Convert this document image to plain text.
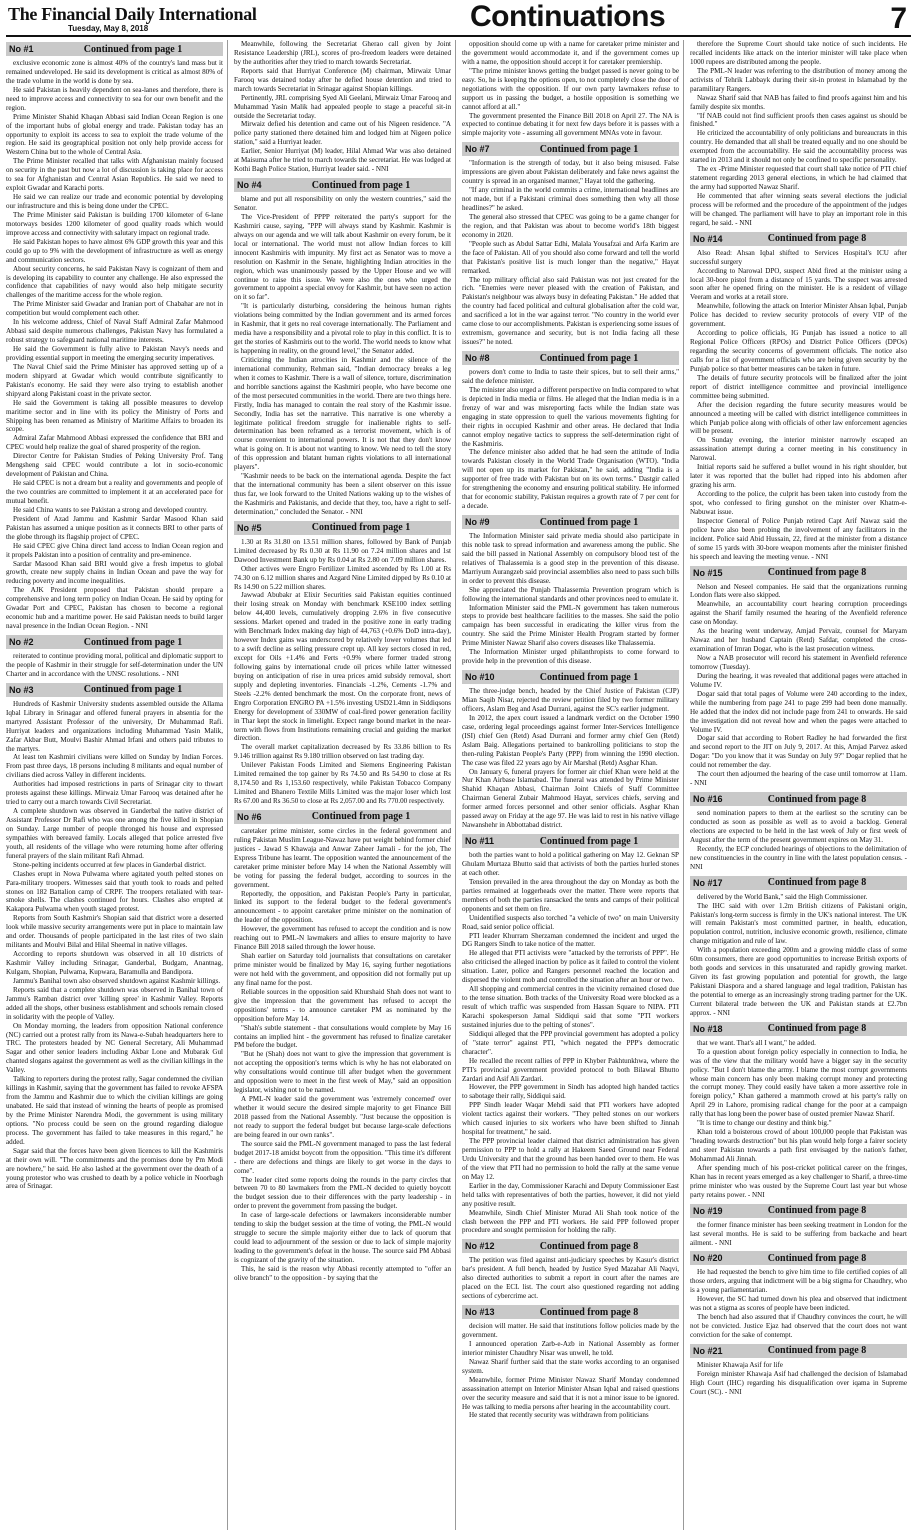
The Financial Daily International
Tuesday, May 8, 2018	Continuations	7
No #1	Continued from page 1

exclusive economic zone is almost 40% of the country's land mass but it remained undeveloped. He said its development is critical as almost 80% of the trade volume in the world is done by sea.

He said Pakistan is heavily dependent on sea-lanes and therefore, there is need to improve access and connectivity to sea for our own benefit and the region.

Prime Minister Shahid Khaqan Abbasi said Indian Ocean Region is one of the important hubs of global energy and trade. Pakistan today has an opportunity to exploit its access to sea to exploit the trade volume of the region. He said its geographical position not only help provide access for Western China but to the whole of Central Asia.

The Prime Minister recalled that talks with Afghanistan mainly focused on security in the past but now a lot of discussion is taking place for access to sea for Afghanistan and Central Asian Republics. He said we need to exploit Gwadar and Karachi ports.

He said we can realize our trade and economic potential by developing our infrastructure and this is being done under the CPEC.

The Prime Minister said Pakistan is building 1700 kilometer of 6-lane motorways besides 1200 kilometer of good quality roads which would improve access and connectivity with salutary impact on regional trade.

He said Pakistan hopes to have almost 6% GDP growth this year and this could go up to 9% with the development of infrastructure as well as energy and communication sectors.

About security concerns, he said Pakistan Navy is cognizant of them and is developing its capability to counter any challenge. He also expressed the confidence that capabilities of navy would also help mitigate security challenges of the maritime access for the whole region.

The Prime Minister said Gwadar and Iranian port of Chabahar are not in competition but would complement each other.

In his welcome address, Chief of Naval Staff Admiral Zafar Mahmood Abbasi said despite numerous challenges, Pakistan Navy has formulated a robust strategy to safeguard national maritime interests.

He said the Government is fully alive to Pakistan Navy's needs and providing essential support in meeting the emerging security imperatives.

The Naval Chief said the Prime Minister has approved setting up of a modern shipyard at Gwadar which would contribute significantly to Pakistan's economy. He said they were also trying to establish another shipyard along Pakistani coast in the private sector.

He said the Government is taking all possible measures to develop maritime sector and in line with its policy the Ministry of Ports and Shipping has been renamed as Ministry of Maritime Affairs to broaden its scope.

Admiral Zafar Mahmood Abbasi expressed the confidence that BRI and CPEC would help realize the goal of shared prosperity of the region.

Director Centre for Pakistan Studies of Peking University Prof. Tang Mengsheng said CPEC would contribute a lot in socio-economic development of Pakistan and China.

He said CPEC is not a dream but a reality and governments and people of the two countries are committed to implement it at an accelerated pace for mutual benefit.

He said China wants to see Pakistan a strong and developed country.

President of Azad Jammu and Kashmir Sardar Masood Khan said Pakistan has assumed a unique position as it connects BRI to other parts of the globe through its flagship project of CPEC.

He said CPEC give China direct land access to Indian Ocean region and it propels Pakistan into a position of centrality and pre-eminence.

Sardar Masood Khan said BRI would give a fresh impetus to global growth, create new supply chains in Indian Ocean and pave the way for reducing poverty and income inequalities.

The AJK President proposed that Pakistan should prepare a comprehensive and long term policy on Indian Ocean. He said by opting for Gwadar Port and CPEC, Pakistan has chosen to become a regional economic hub and a maritime power. He said Pakistan needs to build larger naval presence in the Indian Ocean Region. - NNI

No #2	Continued from page 1

reiterated to continue providing moral, political and diplomatic support to the people of Kashmir in their struggle for self-determination under the UN Charter and in accordance with the UNSC resolutions. - NNI

No #3	Continued from page 1

Hundreds of Kashmir University students assembled outside the Allama Iqbal Library in Srinagar and offered funeral prayers in absentia for the martyred Assistant Professor of the university, Dr Muhammad Rafi. Hurriyat leaders and organizations including Muhammad Yasin Malik, Zafar Akbar Butt, Moulvi Bashir Ahmad Irfani and others paid tributes to the martyrs.

At least ten Kashmiri civilians were killed on Sunday by Indian Forces. From past three days, 18 persons including 8 militants and equal number of civilians died across Valley in different incidents.

Authorities had imposed restrictions in parts of Srinagar city to thwart protests against these killings. Mirwaiz Umar Farooq was detained after he tried to carry out a march towards Civil Secretariat.

A complete shutdown was observed in Ganderbal the native district of Assistant Professor Dr Rafi who was one among the five killed in Shopian on Sunday. Large number of people thronged his house and expressed sympathies with bereaved family. Locals alleged that police arrested five youth, all residents of the village who were returning home after offering funeral prayers of the slain militant Rafi Ahmad.

Stone-pelting incidents occurred at few places in Ganderbal district.

Clashes erupt in Nowa Pulwama where agitated youth pelted stones on Para-military troopers. Witnesses said that youth took to roads and pelted stones on 182 Battalion camp of CRPF. The troopers retaliated with tear-smoke shells. The clashes continued for hours. Clashes also erupted at Kakapora Pulwama when youth staged protest.

Reports from South Kashmir's Shopian said that district wore a deserted look while massive security arrangements were put in place to maintain law and order. Thousands of people participated in the last rites of two slain militants and Moulvi Bilal and Hilal Sheemal in native villages.

According to reports shutdown was observed in all 10 districts of Kashmir Valley including Srinagar, Ganderbal, Budgam, Anantnag, Kulgam, Shopian, Pulwama, Kupwara, Baramulla and Bandipora.

Jammu's Banihal town also observed shutdown against Kashmir killings.

Reports said that a complete shutdown was observed in Banihal town of Jammu's Ramban district over 'killing spree' in Kashmir Valley. Reports added all the shops, other business establishment and schools remain closed in solidarity with the people of Valley.

On Monday morning, the leaders from opposition National conference (NC) carried out a protest rally from its Nawa-e-Subah headquarters here to TRC. The protesters headed by NC General Secretary, Ali Muhammad Sagar and other senior leaders including Akbar Lone and Mubarak Gul chanted slogans against the government as well as the civilian killings in the Valley.

Talking to reporters during the protest rally, Sagar condemned the civilian killings in Kashmir, saying that the government has failed to revoke AFSPA from the Jammu and Kashmir due to which the civilian killings are going unabated. He said that instead of winning the hearts of people as promised by the Prime Minister Narendra Modi, the government is using military options. "No process could be seen on the ground regarding dialogue process. The government has failed to take measures in this regard," he added.

Sagar said that the forces have been given licences to kill the Kashmiris at their own will. "The commitments and the promises done by Pm Modi are nowhere," he said. He also lashed at the government over the death of a young protestor who was crushed to death by a police vehicle in Noorbagh area of Srinagar.

Meanwhile, following the Secretariat Gherao call given by Joint Resistance Leadership (JRL), scores of pro-freedom leaders were detained by the authorities after they tried to march towards Secretariat.

Reports said that Hurriyat Conference (M) chairman, Mirwaiz Umar Farooq was detained today after he defied house detention and tried to march towards Secretariat in Srinagar against Shopian killings.

Pertinently, JRL comprising Syed Ali Geelani, Mirwaiz Umar Farooq and Muhammad Yasin Malik had appealed people to stage a peaceful sit-in outside the Secretariat today.

Mirwaiz defied his detention and came out of his Nigeen residence. "A police party stationed there detained him and lodged him at Nigeen police station," said a Hurriyat leader.

Earlier, Senior Hurriyat (M) leader, Hilal Ahmad War was also detained at Maisuma after he tried to march towards the secretariat. He was lodged at Kothi Bagh Police Station, Hurriyat leader said. - NNI

No #4	Continued from page 1

blame and put all responsibility on only the western countries," said the Senator.

The Vice-President of PPPP reiterated the party's support for the Kashmiri cause, saying, "PPP will always stand by Kashmir. Kashmir is always on our agenda and we will talk about Kashmir on every forum, be it local or international. The world must not allow Indian forces to kill innocent Kashmiris with impunity. My first act as Senator was to move a resolution on Kashmir in the Senate, highlighting Indian atrocities in the region, which was unanimously passed by the Upper House and we will continue to raise this issue. We were also the ones who urged the government to appoint a special envoy for Kashmir, but have seen no action on it so far".

"It is particularly disturbing, considering the heinous human rights violations being committed by the Indian government and its armed forces in Kashmir, that it gets no real coverage internationally. The Parliament and media have a responsibility and a pivotal role to play in this conflict. It is to get the stories of Kashmiris out to the world. The world needs to know what is happening in reality, on the ground level," the Senator added.

Criticizing the Indian atrocities in Kashmir and the silence of the international community, Rehman said, "Indian democracy breaks a leg when it comes to Kashmir. There is a wall of silence, torture, discrimination and horrible sanctions against the Kashmiri people, who have become one of the most persecuted communities in the world. There are two things here. Firstly, India has managed to contain the real story of the Kashmir issue. Secondly, India has set the narrative. This narrative is one whereby a legitimate political freedom struggle for inalienable rights to self-determination has been reframed as a terrorist movement, which is of course convenient to international powers. It is not that they don't know what is going on. It is about not wanting to know. We need to tell the story of this oppression and blatant human rights violations to all international players".

"Kashmir needs to be back on the international agenda. Despite the fact that the international community has been a silent observer on this issue thus far, we look forward to the United Nations waking up to the wishes of the Kashmiris and Pakistanis, and decide that they, too, have a right to self-determination," concluded the Senator. - NNI

No #5	Continued from page 1

1.30 at Rs 31.80 on 13.51 million shares, followed by Bank of Punjab Limited decreased by Rs 0.30 at Rs 11.90 on 7.24 million shares and 1st Dawood Investment Bank up by Rs 0.04 at Rs 2.80 on 7.09 million shares.

Other actives were Engro Fertilizer Limited ascended by Rs 1.00 at Rs 74.30 on 6.12 million shares and Azgard Nine Limited dipped by Rs 0.10 at Rs 14.90 on 5.22 million shares.

Jawwad Abubakr at Elixir Securities said Pakistan equities continued their losing streak on Monday with benchmark KSE100 index settling below 44,400 levels, cumulatively dropping 2.6% in five consecutive sessions. Market opened and traded in the positive zone in early trading with Benchmark Index making day high of 44,763 (+0.6% DoD intra-day), however Index gains was underscored by relatively lower volumes that led to a swift decline as selling pressure crept up. All key sectors closed in red, except for Oils +1.4% and Ferts +0.9% where former traded strong following gains by international crude oil prices while latter witnessed buying on anticipation of rise in urea prices amid subsidy removal, short supply and depleting inventories. Financials -1.2%, Cements -1.7% and Steels -2.2% dented benchmark the most. On the corporate front, news of Engro Corporation ENGRO PA +1.5% investing USD21.4mn in Siddiqsons Energy for development of 330MW of coal-fired power generation facility in Thar kept the stock in limelight. Expect range bound market in the near-term with flows from Institutions remaining crucial and guiding the market direction.

The overall market capitalization decreased by Rs 33.86 billion to Rs 9.146 trillion against Rs 9.180 trillion observed on last trading day.

Unilever Pakistan Foods Limited and Siemens Engineering Pakistan Limited remained the top gainer by Rs 74.50 and Rs 54.90 to close at Rs 8,174.50 and Rs 1,153.60 respectively, while Pakistan Tobacco Company Limited and Bhanero Textile Mills Limited was the major loser which lost Rs 67.00 and Rs 36.50 to close at Rs 2,057.00 and Rs 770.00 respectively.

No #6	Continued from page 1

caretaker prime minister, some circles in the federal government and ruling Pakistan Muslim League-Nawaz have put weight behind former chief justices - Jawad S Khawaja and Anwar Zaheer Jamali - for the job, The Express Tribune has learnt. The opposition wanted the announcement of the caretaker prime minister before May 14 when the National Assembly will be voting for passing the federal budget, according to sources in the government.

Reportedly, the opposition, and Pakistan People's Party in particular, linked its support to the federal budget to the federal government's announcement - to appoint caretaker prime minister on the nomination of the leader of the opposition.

However, the government has refused to accept the condition and is now reaching out to PML-N lawmakers and allies to ensure majority to have Finance Bill 2018 sailed through the lower house.

Shah earlier on Saturday told journalists that consultations on caretaker prime minister would be finalized by May 16, saying further negotiations were not held with the government, and opposition did not formally put up any final name for the post.

Reliable sources in the opposition said Khurshaid Shah does not want to give the impression that the government has refused to accept the oppositions' terms - to announce caretaker PM as nominated by the opposition before May 14.

"Shah's subtle statement - that consultations would complete by May 16 contains an implied hint - the government has refused to finalize caretaker PM before the budget.

"But he (Shah) does not want to give the impression that government is not accepting the opposition's terms which is why he has not elaborated on why consultations would continue till after budget when the government and opposition were to meet in the first week of May," said an opposition legislator, wishing not to be named.

A PML-N leader said the government was 'extremely concerned' over whether it would secure the desired simple majority to get Finance Bill 2018 passed from the National Assembly. "Just because the opposition is not ready to support the federal budget but because large-scale defections are being feared in our own ranks".

The source said the PML-N government managed to pass the last federal budget 2017-18 amidst boycott from the opposition. "This time it's different - there are defections and things are likely to get worse in the days to come".

The leader cited some reports doing the rounds in the party circles that between 70 to 80 lawmakers from the PML-N decided to quietly boycott the budget session due to their differences with the party leadership - in order to prevent the government from passing the budget.

In case of large-scale defections or lawmakers inconsiderable number tending to skip the budget session at the time of voting, the PML-N would struggle to secure the simple majority either due to lack of quorum that could lead to adjournment of the session or due to lack of simple majority leading to the government's defeat in the house. The source said PM Abbasi is cognizant of the gravity of the situation.

This, he said is the reason why Abbasi recently attempted to "offer an olive branch" to the opposition - by saying that the

opposition should come up with a name for caretaker prime minister and the government would accommodate it, and if the government comes up with a name, the opposition should accept it for caretaker premiership.

"The prime minister knows getting the budget passed is never going to be easy. So, he is keeping the options open, to not completely close the door of negotiations with the opposition. If our own party lawmakers refuse to support us in passing the budget, a hostile opposition is something we cannot afford at all."

The government presented the Finance Bill 2018 on April 27. The NA is expected to continue debating it for next few days before it is passes with a simple majority vote - assuming all government MNAs vote in favour.

No #7	Continued from page 1

"Information is the strength of today, but it also being misused. False impressions are given about Pakistan deliberately and fake news against the country is spread in an organised manner," Hayat told the gathering.

"If any criminal in the world commits a crime, international headlines are not made, but if a Pakistani criminal does something then why all those headlines?" he asked.

The general also stressed that CPEC was going to be a game changer for the region, and that Pakistan was about to become world's 18th biggest economy in 2020.

"People such as Abdul Sattar Edhi, Malala Yousafzai and Arfa Karim are the face of Pakistan. All of you should also come forward and tell the world that Pakistan's positive list is much longer than the negative," Hayat remarked.

The top military official also said Pakistan was not just created for the rich. "Enemies were never pleased with the creation of Pakistan, and Pakistan's neighbour was always busy in defeating Pakistan." He added that the country had faced political and cultural globalisation after the cold war, and sacrificed a lot in the war against terror. "No country in the world ever came close to our accomplishments. Pakistan is experiencing some issues of extremism, governance and security, but is not India facing all these issues?" he noted.

No #8	Continued from page 1

powers don't come to India to taste their spices, but to sell their arms," said the defence minister.

The minister also urged a different perspective on India compared to what is depicted in India media or films. He alleged that the Indian media is in a frenzy of war and was misreporting facts while the Indian state was engaging in state oppression to quell the various movements fighting for their rights in occupied Kashmir and other areas. He declared that India cannot employ negative tactics to suppress the self-determination right of the Kashmiris.

The defence minister also added that he had seen the attitude of India towards Pakistan closely in the World Trade Organisation (WTO). "India will not open up its market for Pakistan," he said, adding "India is a supporter of free trade with Pakistan but on its own terms." Dastgir called for strengthening the economy and ensuring political stability. He informed that for economic stability, Pakistan requires a growth rate of 7 per cent for a decade.

No #9	Continued from page 1

The Information Minister said private media should also participate in this noble task to spread information and awareness among the public. She said the bill passed in National Assembly on compulsory blood test of the relatives of Thalassemia is a good step in the prevention of this disease. Marriyum Aurangzeb said provincial assemblies also need to pass such bills in order to prevent this disease.

She appreciated the Punjab Thalassemia Prevention program which is following the international standards and other provinces need to emulate it.

Information Minister said the PML-N government has taken numerous steps to provide best healthcare facilities to the masses. She said the polio campaign has been successful in eradicating the killer virus from the country. She said the Prime Minister Health Program started by former Prime Minister Nawaz Sharif also covers diseases like Thalassemia.

The Information Minister urged philanthropists to come forward to provide help in the prevention of this disease.

No #10	Continued from page 1

The three-judge bench, headed by the Chief Justice of Pakistan (CJP) Mian Saqib Nisar, rejected the review petition filed by two former military officers, Aslam Beg and Asad Durrani, against the SC's earlier judgment.

In 2012, the apex court issued a landmark verdict on the October 1990 case, ordering legal proceedings against former Inter-Services Intelligence (ISI) chief Gen (Retd) Asad Durrani and former army chief Gen (Retd) Aslam Baig. Allegations pertained to bankrolling politicians to stop the then-ruling Pakistan People's Party (PPP) from winning the 1990 election. The case was filed 22 years ago by Air Marshal (Retd) Asghar Khan.

On January 6, funeral prayers for former air chief Khan were held at the Nur Khan Airbase Islamabad. The funeral was attended by Prime Minister Shahid Khaqan Abbasi, Chairman Joint Chiefs of Staff Committee Chairman General Zubair Mahmood Hayat, services chiefs, serving and former armed forces personnel and other senior officials. Asghar Khan passed away on Friday at the age 97. He was laid to rest in his native village Nawanshehr in Abbottabad district.

No #11	Continued from page 1

both the parties want to hold a political gathering on May 12. Geknan SP Ghulam Murtaza Bhutto said that activists of both the parties hurled stones at each other.

Tension prevailed in the area throughout the day on Monday as both the parties remained at loggerheads over the matter. There were reports that members of both the parties ransacked the tents and camps of their political opponents and set them on fire.

Unidentified suspects also torched "a vehicle of two" on main University Road, said senior police official.

PTI leader Khurram Sherzaman condemned the incident and urged the DG Rangers Sindh to take notice of the matter.

He alleged that PTI activists were "attacked by the terrorists of PPP". He also criticised the alleged inaction by police as it failed to control the violent situation. Later, police and Rangers personnel reached the location and dispersed the violent mob and controlled the situation after an hour or two.

All shopping and commercial centres in the vicinity remained closed due to the tense situation. Both tracks of the University Road were blocked as a result of which traffic was suspended from Hassan Square to NIPA. PTI Karachi spokesperson Jamal Siddiqui said that some "PTI workers sustained injuries due to the pelting of stones".

Siddiqui alleged that the PPP provincial government has adopted a policy of "state terror" against PTI, "which negated the PPP's democratic character".

He recalled the recent rallies of PPP in Khyber Pakhtunkhwa, where the PTI's provincial government provided protocol to both Bilawal Bhutto Zardari and Asif Ali Zardari.

However, the PPP government in Sindh has adopted high handed tactics to sabotage their rally, Siddiqui said.

PPP Sindh leader Waqar Mehdi said that PTI workers have adopted violent tactics against their workers. "They pelted stones on our workers which caused injuries to six workers who have been shifted to Jinnah hospital for treatment," he said.

The PPP provincial leader claimed that district administration has given permission to PPP to hold a rally at Hakeem Saeed Ground near Federal Urdu University and that the ground has been handed over to them. He was of the view that PTI had no permission to hold the rally at the same venue on May 12.

Earlier in the day, Commissioner Karachi and Deputy Commissioner East held talks with representatives of both the parties, however, it did not yield any positive result.

Meanwhile, Sindh Chief Minister Murad Ali Shah took notice of the clash between the PPP and PTI workers. He said PPP followed proper procedure and sought permission for holding the rally.

No #12	Continued from page 8

The petition was filed against anti-judiciary speeches by Kasur's district bar's president. A full bench, headed by Justice Syed Mazahar Ali Naqvi, also directed authorities to submit a report in court after the names are placed on the ECL list. The court also questioned regarding not adding sections of cybercrime act.

No #13	Continued from page 8

decision will matter. He said that institutions follow policies made by the government.

I announced operation Zarb-e-Azb in National Assembly as former interior minister Chaudhry Nisar was unwell, he told.

Nawaz Sharif further said that the state works according to an organised system.

Meanwhile, former Prime Minister Nawaz Sharif Monday condemned assassination attempt on Interior Minister Ahsan Iqbal and raised questions over the security measure and said that it is not a minor issue to be ignored. He was talking to media persons after hearing in the accountability court.

He stated that recently security was withdrawn from politicians

therefore the Supreme Court should take notice of such incidents. He recalled incidents like attack on the interior minister will take place when 1000 rupees are distributed among the people.

The PML-N leader was referring to the distribution of money among the activists of Tehrik Labbayk during their sit-in protest in Islamabad by the paramilitary Rangers.

Nawaz Sharif said that NAB has failed to find proofs against him and his family despite six months.

"If NAB could not find sufficient proofs then cases against us should be finished."

He criticized the accountability of only politicians and bureaucrats in this country. He demanded that all shall be treated equally and no one should be exempted from the accountability. He said the accountability process was started in 2013 and it should not only be confined to specific personality.

The ex -Prime Minister requested that court shall take notice of PTI chief statement regarding 2013 general elections, in which he had claimed that the army had supported Nawaz Sharif.

He commented that after winning seats several elections the judicial process will be reformed and the procedure of the appointment of the judges will be changed. The parliament will have to play an important role in this regard, he said. - NNI

No #14	Continued from page 8

Also Read: Ahsan Iqbal shifted to Services Hospital's ICU after successful surgery

According to Narowal DPO, suspect Abid fired at the minister using a local 30-bore pistol from a distance of 15 yards. The suspect was arrested soon after he opened firing on the minister. He is a resident of village Veeram and works at a retail store.

Meanwhile, following the attack on Interior Minister Ahsan Iqbal, Punjab Police has decided to review security protocols of every VIP of the government.

According to police officials, IG Punjab has issued a notice to all Regional Police Officers (RPOs) and District Police Officers (DPOs) regarding the security concerns of government officials. The notice also calls for a list of government officials who are being given security by the Punjab police so that better measures can be taken in future.

The details of future security protocols will be finalized after the joint report of district intelligence committee and provincial intelligence committee being submitted.

After the decision regarding the future security measures would be announced a meeting will be called with district intelligence committees in which Punjab police along with officials of other law enforcement agencies will be present.

On Sunday evening, the interior minister narrowly escaped an assassination attempt during a corner meeting in his constituency in Narowal.

Initial reports said he suffered a bullet wound in his right shoulder, but later it was reported that the bullet had ripped into his abdomen after grazing his arm.

According to the police, the culprit has been taken into custody from the spot, who confessed to firing gunshot on the minister over Khatm-e-Nabuwat issue.

Inspector General of Police Punjab retired Capt Arif Nawaz said the police have also been probing the involvement of any facilitators in the incident. Police said Abid Hussain, 22, fired at the minister from a distance of some 15 yards with 30-bore weapon moments after the minister finished his speech and leaving the meeting venue. - NNI

No #15	Continued from page 8

Nelson and Neseel companies. He said that the organizations running London flats were also skipped.

Meanwhile, an accountability court hearing corruption proceedings against the Sharif family resumed the hearing of the Avenfield reference case on Monday.

As the hearing went underway, Amjad Pervaiz, counsel for Maryam Nawaz and her husband Captain (Retd) Safdar, completed the cross-examination of Imran Dogar, who is the last prosecution witness.

Now a NAB prosecutor will record his statement in Avenfield reference tomorrow (Tuesday).

During the hearing, it was revealed that additional pages were attached in Volume IV.

Dogar said that total pages of Volume were 240 according to the index, while the numbering from page 241 to page 299 had been done manually. He added that the index did not include page from 241 to onwards. He said the investigation did not reveal how and when the pages were attached to Volume IV.

Dogar said that according to Robert Radley he had forwarded the first and second report to the JIT on July 9, 2017. At this, Amjad Parvez asked Dogar: "Do you know that it was Sunday on July 9?" Dogar replied that he could not remember the day.

The court then adjourned the hearing of the case until tomorrow at 11am. - NNI

No #16	Continued from page 8

send nomination papers to them at the earliest so the scrutiny can be conducted as soon as possible as well as to avoid a backlog. General elections are expected to be held in the last week of July or first week of August after the term of the present government expires on May 31.

Recently, the ECP concluded hearings of objections to the delimitation of new constituencies in the country in line with the latest population census. - NNI

No #17	Continued from page 8

delivered by the World Bank," said the High Commissioner.

The IHC said with over 1.2m British citizens of Pakistani origin, Pakistan's long-term success is firmly in the UK's national interest. The UK will remain Pakistan's most committed partner, in health, education, population control, nutrition, inclusive economic growth, resilience, climate change mitigation and rule of law.

With a population exceeding 200m and a growing middle class of some 60m consumers, there are good opportunities to increase British exports of both goods and services in this unsaturated and rapidly growing market. Given its fast growing population and potential for growth, the large Pakistani Diaspora and a shared language and legal tradition, Pakistan has the potential to emerge as an increasingly strong trading partner for the UK. Current bilateral trade between the UK and Pakistan stands at £2.7bn approx. - NNI

No #18	Continued from page 8

that we want. That's all I want," he added.

To a question about foreign policy especially in connection to India, he was of the view that the military would have a bigger say in the security policy. "But I don't blame the army. I blame the most corrupt governments whose main concern has only been making corrupt money and protecting the corrupt money. They could easily have taken a more assertive role in foreign policy," Khan gathered a mammoth crowd at his party's rally on April 29 in Lahore, promising radical change for the poor at a campaign rally that has long been the power base of ousted premier Nawaz Sharif.

"It is time to change our destiny and think big."

Khan told a boisterous crowd of about 100,000 people that Pakistan was "heading towards destruction" but his plan would help forge a fairer society and steer Pakistan towards a path first envisaged by the nation's father, Mohammad Ali Jinnah.

After spending much of his post-cricket political career on the fringes, Khan has in recent years emerged as a key challenger to Sharif, a three-time prime minister who was ousted by the Supreme Court last year but whose party retains power. - NNI

No #19	Continued from page 8

the former finance minister has been seeking treatment in London for the last several months. He is said to be suffering from backache and heart ailment. - NNI

No #20	Continued from page 8

He had requested the bench to give him time to file certified copies of all those orders, arguing that indictment will be a big stigma for Chaudhry, who is a young parliamentarian.

However, the SC had turned down his plea and observed that indictment was not a stigma as scores of people have been indicted.

The bench had also assured that if Chaudhry convinces the court, he will not be convicted. Justice Ejaz had observed that the court does not want conviction for the sake of contempt.

No #21	Continued from page 8

Minister Khawaja Asif for life

Foreign minister Khawaja Asif had challenged the decision of Islamabad High Court (IHC) regarding his disqualification over iqama in Supreme Court (SC). - NNI
